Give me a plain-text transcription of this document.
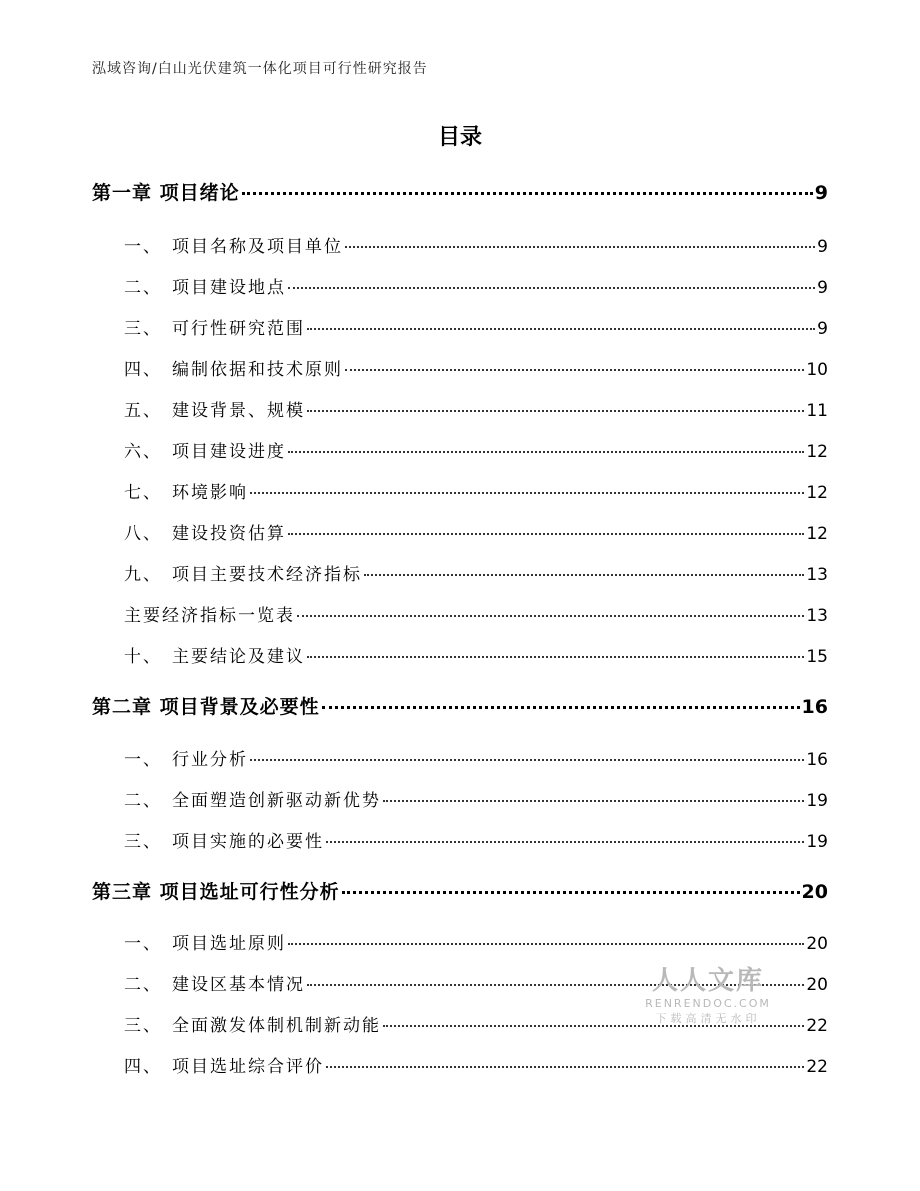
泓域咨询/白山光伏建筑一体化项目可行性研究报告
目录
第一章 项目绪论	9
一、 项目名称及项目单位	9
二、 项目建设地点	9
三、 可行性研究范围	9
四、 编制依据和技术原则	10
五、 建设背景、规模	11
六、 项目建设进度	12
七、 环境影响	12
八、 建设投资估算	12
九、 项目主要技术经济指标	13
主要经济指标一览表	13
十、 主要结论及建议	15
第二章 项目背景及必要性	16
一、 行业分析	16
二、 全面塑造创新驱动新优势	19
三、 项目实施的必要性	19
第三章 项目选址可行性分析	20
一、 项目选址原则	20
二、 建设区基本情况	20
三、 全面激发体制机制新动能	22
四、 项目选址综合评价	22
人人文库
RENRENDOC.COM
下载高清无水印
